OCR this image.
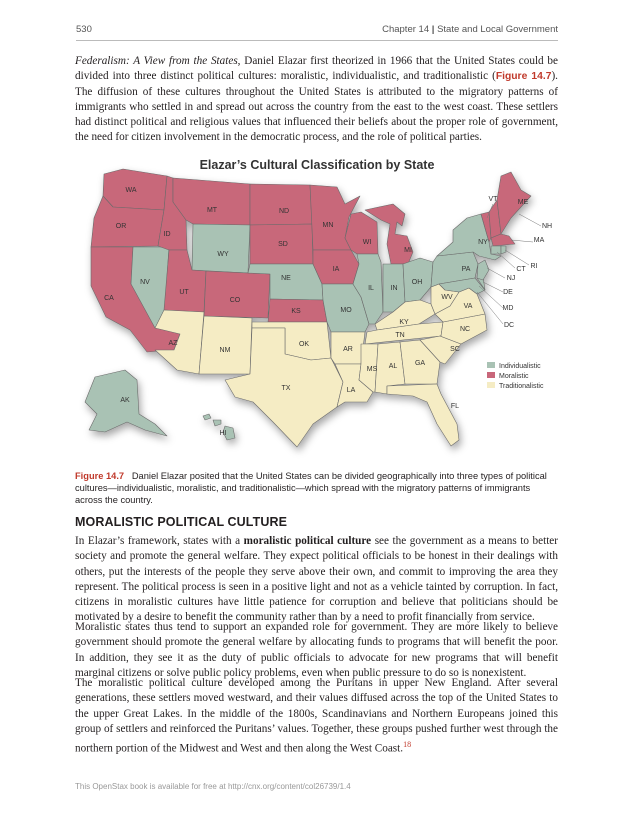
530	Chapter 14 | State and Local Government

Federalism: A View from the States, Daniel Elazar first theorized in 1966 that the United States could be divided into three distinct political cultures: moralistic, individualistic, and traditionalistic (Figure 14.7). The diffusion of these cultures throughout the United States is attributed to the migratory patterns of immigrants who settled in and spread out across the country from the east to the west coast. These settlers had distinct political and religious values that influenced their beliefs about the proper role of government, the need for citizen involvement in the democratic process, and the role of political parties.

Elazar’s Cultural Classification by State
WA
OR
CA
NV
ID
MT
WY
UT
CO
AZ
NM
ND
SD
NE
KS
OK
TX
MN
IA
MO
AR
LA
WI
IL
MI
IN
OH
KY
TN
MS AL	GA
FL
SC
NC
VA
WV
PA
NY
VT	ME
NH
MA
CT RI
NJ
DE
MD
DC
AK
HI
Individualistic
Moralistic
Traditionalistic
Figure 14.7 Daniel Elazar posited that the United States can be divided geographically into three types of political cultures—individualistic, moralistic, and traditionalistic—which spread with the migratory patterns of immigrants across the country.
MORALISTIC POLITICAL CULTURE

In Elazar’s framework, states with a moralistic political culture see the government as a means to better society and promote the general welfare. They expect political officials to be honest in their dealings with others, put the interests of the people they serve above their own, and commit to improving the area they represent. The political process is seen in a positive light and not as a vehicle tainted by corruption. In fact, citizens in moralistic cultures have little patience for corruption and believe that politicians should be motivated by a desire to benefit the community rather than by a need to profit financially from service.

Moralistic states thus tend to support an expanded role for government. They are more likely to believe government should promote the general welfare by allocating funds to programs that will benefit the poor. In addition, they see it as the duty of public officials to advocate for new programs that will benefit marginal citizens or solve public policy problems, even when public pressure to do so is nonexistent.

The moralistic political culture developed among the Puritans in upper New England. After several generations, these settlers moved westward, and their values diffused across the top of the United States to the upper Great Lakes. In the middle of the 1800s, Scandinavians and Northern Europeans joined this group of settlers and reinforced the Puritans’ values. Together, these groups pushed further west through the northern portion of the Midwest and West and then along the West Coast.$^{18}$

This OpenStax book is available for free at http://cnx.org/content/col26739/1.4
